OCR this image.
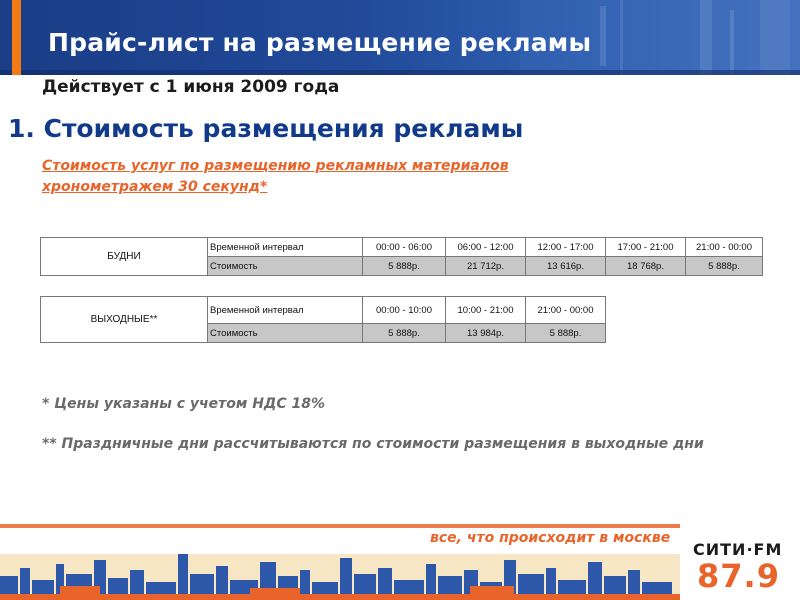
Прайс-лист на размещение рекламы
Действует с 1 июня 2009 года
1. Стоимость размещения рекламы
Стоимость услуг по размещению рекламных материалов хронометражем 30 секунд*
БУДНИ	Временной интервал	00:00 - 06:00	06:00 - 12:00	12:00 - 17:00	17:00 - 21:00	21:00 - 00:00
	Стоимость	5 888р.	21 712р.	13 616р.	18 768р.	5 888р.
ВЫХОДНЫЕ**	Временной интервал	00:00 - 10:00	10:00 - 21:00	21:00 - 00:00
	Стоимость	5 888р.	13 984р.	5 888р.
* Цены указаны с учетом НДС 18%
** Праздничные дни рассчитываются по стоимости размещения в выходные дни
все, что происходит в москве
СИТИ·FM
87.9
